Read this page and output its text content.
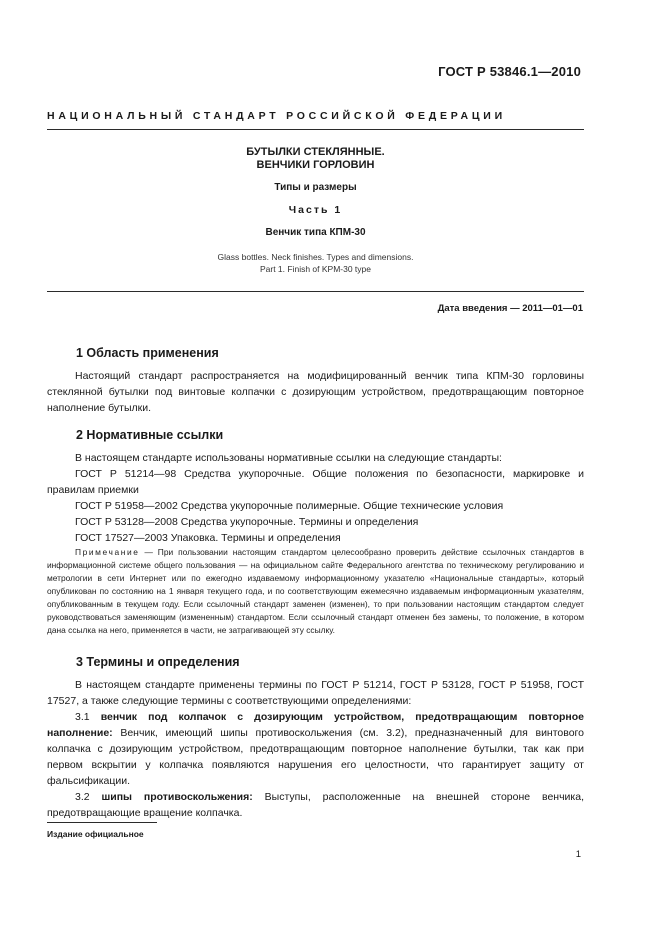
ГОСТ Р 53846.1—2010
НАЦИОНАЛЬНЫЙ СТАНДАРТ РОССИЙСКОЙ ФЕДЕРАЦИИ
БУТЫЛКИ СТЕКЛЯННЫЕ.
ВЕНЧИКИ ГОРЛОВИН
Типы и размеры
Часть 1
Венчик типа КПМ-30
Glass bottles. Neck finishes. Types and dimensions.
Part 1. Finish of KPM-30 type
Дата введения — 2011—01—01
1 Область применения

Настоящий стандарт распространяется на модифицированный венчик типа КПМ-30 горловины стеклянной бутылки под винтовые колпачки с дозирующим устройством, предотвращающим повторное наполнение бутылки.

2 Нормативные ссылки

В настоящем стандарте использованы нормативные ссылки на следующие стандарты:

ГОСТ Р 51214—98 Средства укупорочные. Общие положения по безопасности, маркировке и правилам приемки

ГОСТ Р 51958—2002 Средства укупорочные полимерные. Общие технические условия

ГОСТ Р 53128—2008 Средства укупорочные. Термины и определения

ГОСТ 17527—2003 Упаковка. Термины и определения

Примечание — При пользовании настоящим стандартом целесообразно проверить действие ссылочных стандартов в информационной системе общего пользования — на официальном сайте Федерального агентства по техническому регулированию и метрологии в сети Интернет или по ежегодно издаваемому информационному указателю «Национальные стандарты», который опубликован по состоянию на 1 января текущего года, и по соответствующим ежемесячно издаваемым информационным указателям, опубликованным в текущем году. Если ссылочный стандарт заменен (изменен), то при пользовании настоящим стандартом следует руководствоваться заменяющим (измененным) стандартом. Если ссылочный стандарт отменен без замены, то положение, в котором дана ссылка на него, применяется в части, не затрагивающей эту ссылку.

3 Термины и определения

В настоящем стандарте применены термины по ГОСТ Р 51214, ГОСТ Р 53128, ГОСТ Р 51958, ГОСТ 17527, а также следующие термины с соответствующими определениями:

3.1 венчик под колпачок с дозирующим устройством, предотвращающим повторное наполнение: Венчик, имеющий шипы противоскольжения (см. 3.2), предназначенный для винтового колпачка с дозирующим устройством, предотвращающим повторное наполнение бутылки, так как при первом вскрытии у колпачка появляются нарушения его целостности, что гарантирует защиту от фальсификации.

3.2 шипы противоскольжения: Выступы, расположенные на внешней стороне венчика, предотвращающие вращение колпачка.

Издание официальное
1
